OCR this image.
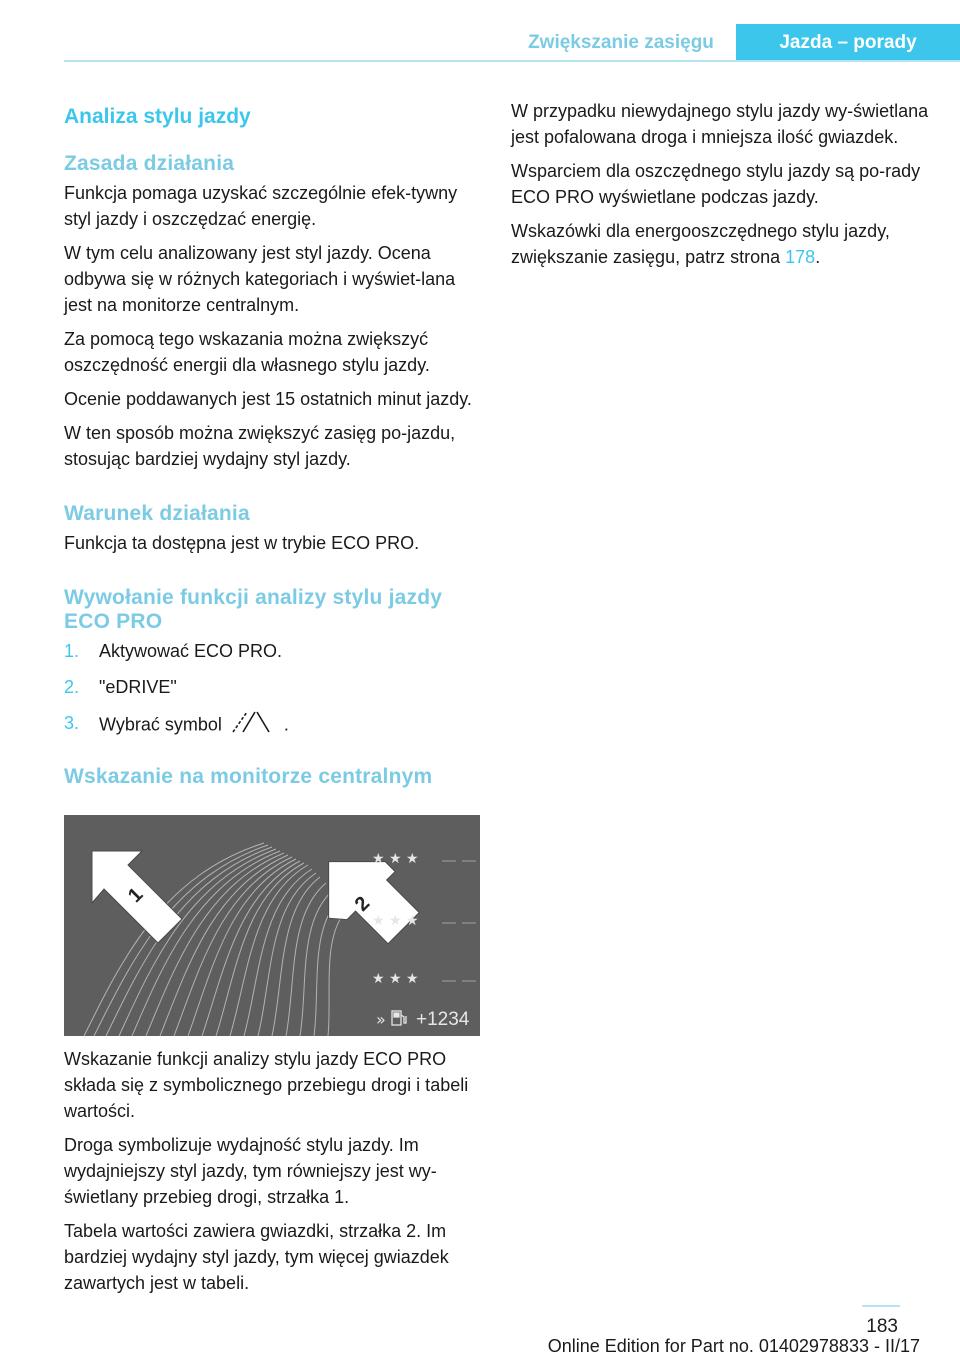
Zwiększanie zasięgu	Jazda – porady
Analiza stylu jazdy
Zasada działania

Funkcja pomaga uzyskać szczególnie efek-tywny styl jazdy i oszczędzać energię.

W tym celu analizowany jest styl jazdy. Ocena odbywa się w różnych kategoriach i wyświet-lana jest na monitorze centralnym.

Za pomocą tego wskazania można zwiększyć oszczędność energii dla własnego stylu jazdy.

Ocenie poddawanych jest 15 ostatnich minut jazdy.

W ten sposób można zwiększyć zasięg po-jazdu, stosując bardziej wydajny styl jazdy.

Warunek działania

Funkcja ta dostępna jest w trybie ECO PRO.

Wywołanie funkcji analizy stylu jazdy ECO PRO
1. Aktywować ECO PRO.
2. "eDRIVE"
3. Wybrać symbol	.
Wskazanie na monitorze centralnym
1	2
★ ★ ★
★ ★ ★
★ ★ ★
» +1234

Wskazanie funkcji analizy stylu jazdy ECO PRO składa się z symbolicznego przebiegu drogi i tabeli wartości.

Droga symbolizuje wydajność stylu jazdy. Im wydajniejszy styl jazdy, tym równiejszy jest wy-świetlany przebieg drogi, strzałka 1.

Tabela wartości zawiera gwiazdki, strzałka 2. Im bardziej wydajny styl jazdy, tym więcej gwiazdek zawartych jest w tabeli.

W przypadku niewydajnego stylu jazdy wy-świetlana jest pofalowana droga i mniejsza ilość gwiazdek.

Wsparciem dla oszczędnego stylu jazdy są po-rady ECO PRO wyświetlane podczas jazdy.

Wskazówki dla energooszczędnego stylu jazdy, zwiększanie zasięgu, patrz strona 178.

183
Online Edition for Part no. 01402978833 - II/17
